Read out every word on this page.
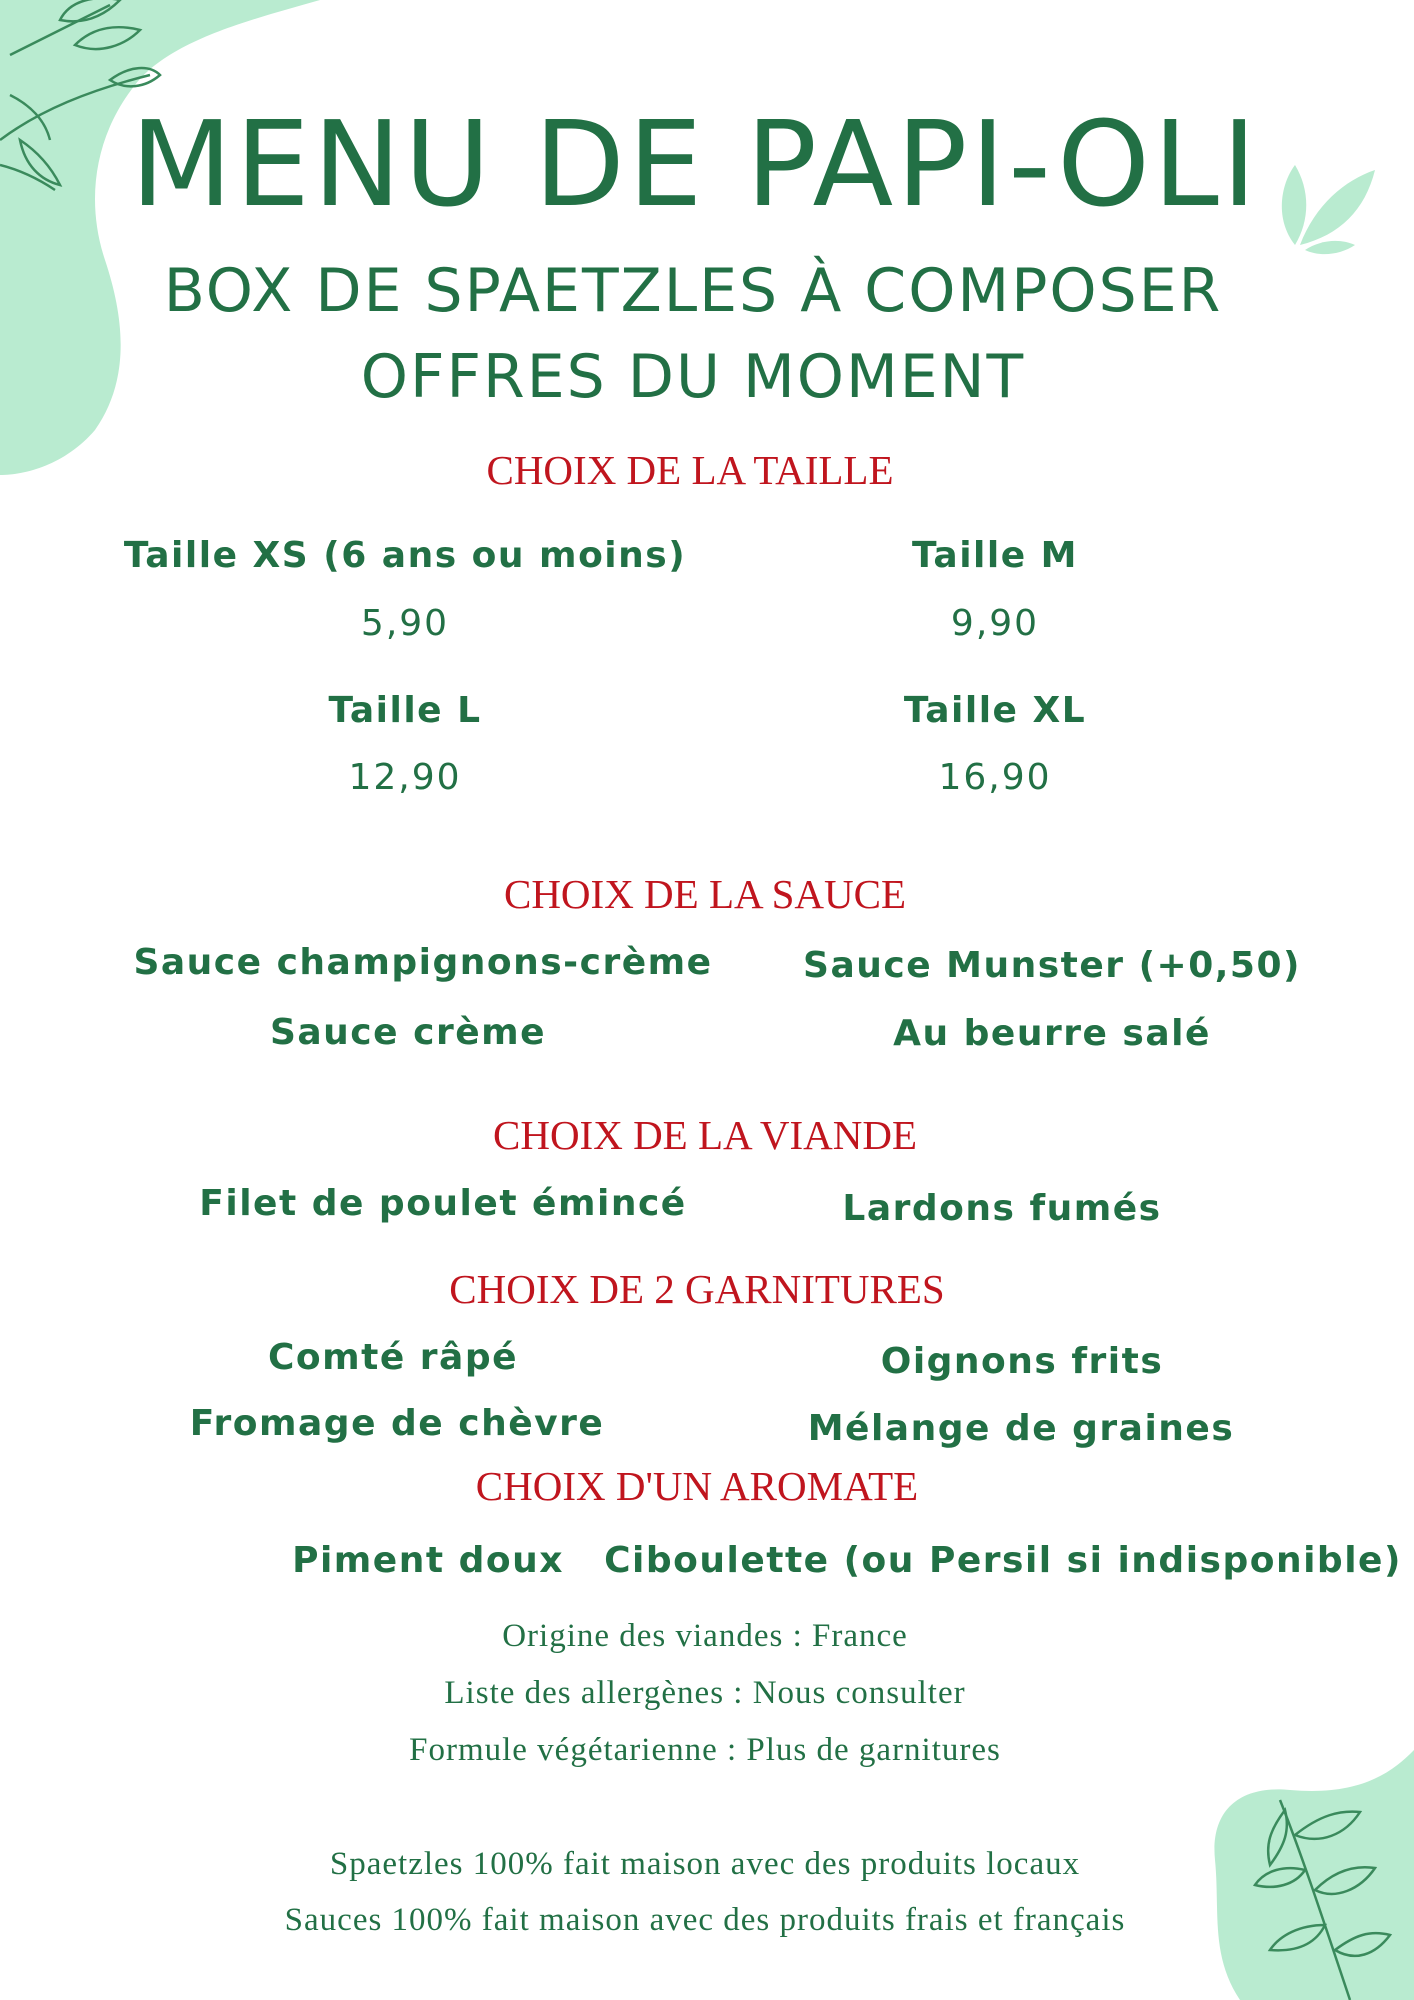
MENU DE PAPI-OLI
BOX DE SPAETZLES À COMPOSER
OFFRES DU MOMENT
CHOIX DE LA TAILLE
Taille XS (6 ans ou moins)
5,90
Taille M
9,90
Taille L
12,90
Taille XL
16,90
CHOIX DE LA SAUCE
Sauce champignons-crème	Sauce Munster (+0,50)
Sauce crème	Au beurre salé
CHOIX DE LA VIANDE
Filet de poulet émincé	Lardons fumés
CHOIX DE 2 GARNITURES
Comté râpé	Oignons frits
Fromage de chèvre	Mélange de graines
CHOIX D'UN AROMATE
Piment doux Ciboulette (ou Persil si indisponible)
Origine des viandes : France
Liste des allergènes : Nous consulter
Formule végétarienne : Plus de garnitures
Spaetzles 100% fait maison avec des produits locaux
Sauces 100% fait maison avec des produits frais et français
